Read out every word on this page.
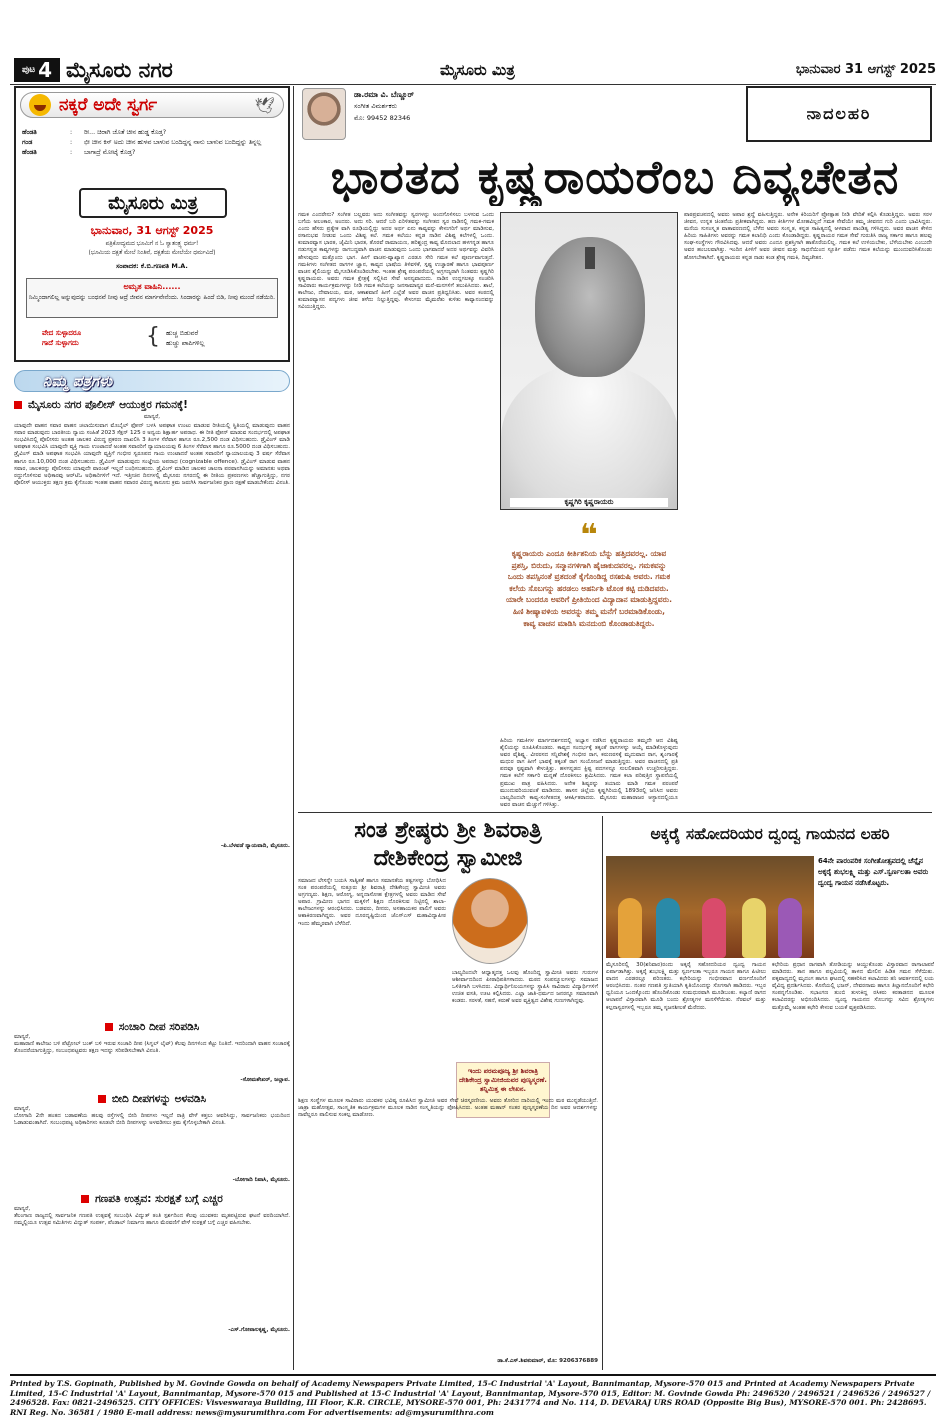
ಪುಟ 4 ಮೈಸೂರು ನಗರ	ಮೈಸೂರು ಮಿತ್ರ	ಭಾನುವಾರ 31 ಆಗಸ್ಟ್ 2025
ನಕ್ಕರೆ ಅದೇ ಸ್ವರ್ಗ	🕊
ಹೆಂಡತಿ	:	ರೀ... ಚಿರಾಗಿ ಜೊತೆ ಚೀನ ಹುಡ್ಡ ಕೊಡ್ತ?
ಗಂಡ	:	ಛೀ ಚೀನ ಕಿಸ್ ಅದು ಚೀನ ಹುಳವ ಬಾಳುವ ಬಂದಿದ್ದನ್ನ ನಾನು ಬಾಳುವ ಬಂದಿದ್ದನ್ನು ತಿನ್ನಲ್ಲ
ಹೆಂಡತಿ	:	ಬಾಗಾದ್ರೆ ಮೋಟೈ ಕೊಡ್ತ?
ಮೈಸೂರು ಮಿತ್ರ
ಭಾನುವಾರ, 31 ಆಗಸ್ಟ್ 2025
ಪತ್ರಿಕೋದ್ಯಮದ ಭೂಮಿಗೆ ನ ಓ ಸ್ವಾತಂತ್ರ್ಯ ಧರ್ಮ!
(ಭೂಮಿಯ ದಕ್ಷತೆ ಮೇಲೆ ನಿಂತಿವೆ, ದಕ್ಷತೆಯ ಮೇಲೆಯೇ ಧರ್ಮವಿದೆ)
ಸಂಪಾದಕ: ಕೆ.ಬಿ.ಗಣಪತಿ M.A.
ಅಮೃತ ವಾಹಿನಿ......
ನಿಮ್ಮಿಂದಾಗಲಿಲ್ಲ ಅನ್ನುವುದನ್ನು ಬಂಧನವೆ ನೀವು ಆದ್ರೆ ಜೀವನ ಮಾರ್ಗವೇನೆಂದು. ಸಿಂದಾರನ್ನು ಹಿಂದೆ ಬಿಡಿ, ನೀವು ಮುಂದೆ ನಡೆಯಿರಿ.
ವೇದ ಸುಳ್ಳಾದರೂ
ಗಾದೆ ಸುಳ್ಳಾಗದು	{ ಹುಚ್ಚ ಬಿಡುವರೆ
ಹುಚ್ಚು ಪಾಪಿಗಳಿಲ್ಲ
ನಿಮ್ಮ ಪತ್ರಗಳು
ಮೈಸೂರು ನಗರ ಪೊಲೀಸ್ ಆಯುಕ್ತರ ಗಮನಕ್ಕೆ!
ಮಾನ್ಯರೆ,
ಯಾವುದೇ ವಾಹನ ಸವಾರ ವಾಹನ ಚಲಾಯಿಸುವಾಗ ಮೊಬೈಲ್ ಫೋನ್ ಬಳಸಿ ಅಪಘಾತ ಉಂಟು ಮಾಡುವ ರೀತಿಯಲ್ಲಿ ಸ್ಥಿತಿಯಲ್ಲಿ ಮಾಡುವುದು ವಾಹನ ಸವಾರ ಮಾಡುವುದು ಬಾರತೀಯ ನ್ಯಾಯ ಸಂಹಿತೆ 2023 ಸೆಕ್ಷನ್ 125 ರ ಅನ್ವಯ ಶಿಕ್ಷಾರ್ಹ ಅಪರಾಧ. ಈ ರೀತಿ ಫೋನ್ ಮಾಡುವ ಸಂದರ್ಭದಲ್ಲಿ ಅಪಘಾತ ಸಂಭವಿಸಿದಲ್ಲಿ ಪೊಲೀಸರು ಅಂತಹ ಚಾಲಕರ ವಿರುದ್ಧ ಪ್ರಕರಣ ದಾಖಲಿಸಿ 3 ತಿಂಗಳ ಸೆರೆವಾಸ ಹಾಗೂ ರೂ.2,500 ದಂಡ ವಿಧಿಸಬಹುದು. ಡ್ರೈವಿಂಗ್ ಮಾಡಿ ಅಪಘಾತ ಸಂಭವಿಸಿ ಯಾವುದೇ ವ್ಯಕ್ತಿ ಗಾಯ ಉಂಟಾದರೆ ಅಂತಹ ಸವಾರರಿಗೆ ನ್ಯಾಯಾಲಯವು 6 ತಿಂಗಳ ಸೆರೆವಾಸ ಹಾಗೂ ರೂ.5000 ದಂಡ ವಿಧಿಸಬಹುದು. ಡ್ರೈವಿಂಗ್ ಮಾಡಿ ಅಪಘಾತ ಸಂಭವಿಸಿ ಯಾವುದೇ ವ್ಯಕ್ತಿಗೆ ಗಂಭೀರ ಸ್ವರೂಪದ ಗಾಯ ಉಂಟಾದರೆ ಅಂತಹ ಸವಾರರಿಗೆ ನ್ಯಾಯಾಲಯವು 3 ವರ್ಷ ಸೆರೆವಾಸ ಹಾಗೂ ರೂ.10,000 ದಂಡ ವಿಧಿಸಬಹುದು. ಡ್ರೈವಿಂಗ್ ಮಾಡುವುದು ಸಂಜ್ಞೇಯ ಅಪರಾಧ (cognizable offence). ಡ್ರೈವಿಂಗ್ ಮಾಡುವ ವಾಹನ ಸವಾರ, ಚಾಲಕರನ್ನು ಪೊಲೀಸರು ಯಾವುದೇ ವಾರಂಟ್ ಇಲ್ಲದೆ ಬಂಧಿಸಬಹುದು. ಡ್ರೈವಿಂಗ್ ಮಾಡಿದ ಚಾಲಕರ ಚಾಲನಾ ಪರವಾನಗಿಯನ್ನು ಅಮಾನತು ಅಥವಾ ರದ್ದುಗೊಳಿಸುವ ಅಧಿಕಾರವು ಆರ್‌ಟಿಓ ಅಧಿಕಾರಿಗಳಿಗೆ ಇದೆ. ಇತ್ತೀಚಿನ ದಿನಗಳಲ್ಲಿ ಮೈಸೂರು ನಗರದಲ್ಲಿ ಈ ರೀತಿಯ ಪ್ರಕರಣಗಳು ಹೆಚ್ಚಾಗುತ್ತಿದ್ದು, ನಗರ ಪೊಲೀಸ್ ಆಯುಕ್ತರು ತಕ್ಷಣ ಕ್ರಮ ಕೈಗೊಂಡು ಇಂತಹ ವಾಹನ ಸವಾರರ ವಿರುದ್ಧ ಕಾನೂನು ಕ್ರಮ ಜರುಗಿಸಿ ಸಾರ್ವಜನಿಕರ ಪ್ರಾಣ ರಕ್ಷಣೆ ಮಾಡಬೇಕೆಂದು ವಿನಂತಿ.
-ಪಿ.ಬೆಳವಡೆ ನ್ಯಾಯವಾದಿ, ಮೈಸೂರು.
ಸಂಚಾರಿ ದೀಪ ಸರಿಪಡಿಸಿ
ಮಾನ್ಯರೆ,
ಮಹಾರಾಣಿ ಕಾಲೇಜು ಬಳಿ ಪೆಟ್ರೋಲ್ ಬಂಕ್ ಬಳಿ ಇರುವ ಸಂಚಾರಿ ದೀಪ (ಸಿಗ್ನಲ್ ಲೈಟ್) ಕೆಲವು ದಿನಗಳಿಂದ ಕೆಟ್ಟು ನಿಂತಿದೆ. ಇದರಿಂದಾಗಿ ವಾಹನ ಸಂಚಾರಕ್ಕೆ ತೊಂದರೆಯಾಗುತ್ತಿದ್ದು, ಸಂಬಂಧಪಟ್ಟವರು ತಕ್ಷಣ ಇದನ್ನು ಸರಿಪಡಿಸಬೇಕಾಗಿ ವಿನಂತಿ.
-ಸೋಮಶೇಖರ್, ಜಲ್ಲಾಪ.
ಬೀದಿ ದೀಪಗಳನ್ನು ಅಳವಡಿಸಿ
ಮಾನ್ಯರೆ,
ಬೋಗಾದಿ 2ನೇ ಹಂತದ ಬಡಾವಣೆಯ ಹಲವು ರಸ್ತೆಗಳಲ್ಲಿ ಬೀದಿ ದೀಪಗಳು ಇಲ್ಲದೆ ರಾತ್ರಿ ವೇಳೆ ಕತ್ತಲು ಆವರಿಸಿದ್ದು, ಸಾರ್ವಜನಿಕರು ಭಯದಿಂದ ಓಡಾಡುವಂತಾಗಿದೆ. ಸಂಬಂಧಪಟ್ಟ ಅಧಿಕಾರಿಗಳು ಕೂಡಲೇ ಬೀದಿ ದೀಪಗಳನ್ನು ಅಳವಡಿಸಲು ಕ್ರಮ ಕೈಗೊಳ್ಳಬೇಕಾಗಿ ವಿನಂತಿ.
-ಬೋಗಾದಿ ನಿವಾಸಿ, ಮೈಸೂರು.
ಗಣಪತಿ ಉತ್ಸವ: ಸುರಕ್ಷತೆ ಬಗ್ಗೆ ಎಚ್ಚರ
ಮಾನ್ಯರೆ,
ತೆಲಂಗಾಣ ರಾಜ್ಯದಲ್ಲಿ ಸಾರ್ವಜನಿಕ ಗಣಪತಿ ಉತ್ಸವಕ್ಕೆ ಸಂಬಂಧಿಸಿ ವಿದ್ಯುತ್ ತಂತಿ ಸ್ಪರ್ಶದಿಂದ ಕೆಲವು ಯುವಕರು ಮೃತಪಟ್ಟಿರುವ ಘಟನೆ ವರದಿಯಾಗಿದೆ. ನಮ್ಮಲ್ಲಿಯೂ ಉತ್ಸವ ಸಮಿತಿಗಳು ವಿದ್ಯುತ್ ಸಂಪರ್ಕ, ಪೆಂಡಾಲ್ ನಿರ್ಮಾಣ ಹಾಗೂ ಮೆರವಣಿಗೆ ವೇಳೆ ಸುರಕ್ಷತೆ ಬಗ್ಗೆ ಎಚ್ಚರ ವಹಿಸಬೇಕು.
-ಎಸ್.ಗೋಪಾಲಕೃಷ್ಣ, ಮೈಸೂರು.
ಡಾ.ರಮಾ ವಿ. ಬೆಣ್ಣೂರ್
ಸಂಗೀತ ವಿಮರ್ಶಕರು
ಮೊ: 99452 82346	ನಾದಲಹರಿ
ಭಾರತದ ಕೃಷ್ಣರಾಯರೆಂಬ ದಿವ್ಯಚೇತನ
ಗಮಕ ಎಂದರೇನು? ಸಂಗೀತ ಬಲ್ಲವರು ಅದು ಸಂಗೀತವನ್ನು ಸ್ವರಗಳನ್ನು ಅಂದಗೊಳಿಸಲು ಬಳಸುವ ಒಂದು ಬಗೆಯ ಅಲಂಕಾರ, ಅಂದರು. ಅದು ಸರಿ. ಆದರೆ ಬರಿ ಏರಿಳಿತವನ್ನು ಸಂಗೀತದ ಸ್ವರ ನಾಡಿನಲ್ಲಿ ಗಮಕ-ಗಮಕ ಎಂದು ಹೆಸರು ಪ್ರತ್ಯೇಕ ವಾಗಿ ರೂಢಿಯಲ್ಲಿದ್ದು ಅದರ ಅರ್ಥ ಏನು ಕಾವ್ಯವನ್ನು ಕೇಳುಗರಿಗೆ ಅರ್ಥ ಮಾಡಿಸುವ, ರಸಾನುಭವ ನೀಡುವ ಒಂದು ವಿಶಿಷ್ಟ ಕಲೆ. ಗಮಕ ಕಲೆಯು ಕನ್ನಡ ನಾಡಿನ ವಿಶಿಷ್ಟ ಕಲೆಗಳಲ್ಲಿ ಒಂದು. ಕುಮಾರವ್ಯಾಸ ಭಾರತ, ಜೈಮಿನಿ ಭಾರತ, ತೊರವೆ ರಾಮಾಯಣ, ಹರಿಶ್ಚಂದ್ರ ಕಾವ್ಯ ಮೊದಲಾದ ಹಳಗನ್ನಡ ಹಾಗೂ ನಡುಗನ್ನಡ ಕಾವ್ಯಗಳನ್ನು ರಾಗಬದ್ಧವಾಗಿ ವಾಚನ ಮಾಡುವುದು ಒಂದು ಭಾಗವಾದರೆ ಅದರ ಅರ್ಥವನ್ನು ವಿವರಿಸಿ ಹೇಳುವುದು ಮತ್ತೊಂದು ಭಾಗ. ಹೀಗೆ ವಾಚನ-ವ್ಯಾಖ್ಯಾನ ಎರಡೂ ಸೇರಿ ಗಮಕ ಕಲೆ ಪೂರ್ಣವಾಗುತ್ತದೆ. ಗಮಕಿಗಳು ಸಂಗೀತದ ರಾಗಗಳ ಜ್ಞಾನ, ಕಾವ್ಯದ ಭಾಷೆಯ ತಿಳಿವಳಿಕೆ, ಸ್ಪಷ್ಟ ಉಚ್ಚಾರಣೆ ಹಾಗೂ ಭಾವಪೂರ್ಣ ವಾಚನ ಶೈಲಿಯನ್ನು ಮೈಗೂಡಿಸಿಕೊಂಡಿರಬೇಕು. ಇಂತಹ ಶ್ರೇಷ್ಠ ಪರಂಪರೆಯಲ್ಲಿ ಅಗ್ರಗಣ್ಯರಾಗಿ ನಿಂತವರು ಕೃಷ್ಣಗಿರಿ ಕೃಷ್ಣರಾಯರು. ಅವರು ಗಮಕ ಕ್ಷೇತ್ರಕ್ಕೆ ಸಲ್ಲಿಸಿದ ಸೇವೆ ಅನನ್ಯವಾದುದು. ನಾಡಿನ ಉದ್ದಗಲಕ್ಕೂ ಸಂಚರಿಸಿ ಸಾವಿರಾರು ಕಾರ್ಯಕ್ರಮಗಳನ್ನು ನೀಡಿ ಗಮಕ ಕಲೆಯನ್ನು ಜನಸಾಮಾನ್ಯರ ಮನೆ-ಮನಗಳಿಗೆ ತಲುಪಿಸಿದರು. ಶಾಲೆ, ಕಾಲೇಜು, ದೇವಾಲಯ, ಮಠ, ಆಕಾಶವಾಣಿ ಹೀಗೆ ಎಲ್ಲೆಡೆ ಅವರ ವಾಚನ ಪ್ರತಿಧ್ವನಿಸಿತು. ಅವರ ಕಂಠದಲ್ಲಿ ಕುಮಾರವ್ಯಾಸನ ಪದ್ಯಗಳು ಜೀವ ತಳೆದು ನಿಲ್ಲುತ್ತಿದ್ದವು. ಕೇಳುಗರು ಮೈಮರೆತು ಕುಳಿತು ಕಾವ್ಯಾನಂದವನ್ನು ಸವಿಯುತ್ತಿದ್ದರು.
ಕೃಷ್ಣಗಿರಿ ಕೃಷ್ಣರಾಯರು
❝
ಕೃಷ್ಣರಾಯರು ಎಂದೂ ಕೀರ್ತಿಶನಿಯ ಬೆನ್ನು ಹತ್ತಿದವರಲ್ಲ. ಯಾವ ಪ್ರಶಸ್ತಿ, ಬಿರುದು, ಸನ್ಮಾನಗಳಿಗಾಗಿ ಹೈಜಾಕುದವರಲ್ಲ. ಗಮಕವನ್ನು ಒಂದು ತಪಸ್ಸಿನಂತೆ ವ್ರತದಂತೆ ಕೈಗೊಂಡಿದ್ದ ರಸಋಷಿ ಅವರು. ಗಮಕ ಕಲೆಯ ಸೊಬಗನ್ನು ಹರಡಲು ಅಹರ್ನಿಶಿ ಟೊಂಕ ಕಟ್ಟಿ ದುಡಿದವರು. ಯಾರೇ ಬಂದರೂ ಅವರಿಗೆ ಪ್ರೀತಿಯಿಂದ ವಿದ್ಯಾದಾನ ಮಾಡುತ್ತಿದ್ದವರು. ಹಿಣಿ ಶೀಷ್ಯಾವಳಿಯ ಅವರನ್ನು ತಮ್ಮ ಮನೆಗೆ ಬರಮಾಡಿಕೊಂಡು, ಕಾವ್ಯ ವಾಚನ ಮಾಡಿಸಿ ಮನದುಂಬಿ ಕೊಂಡಾಡುತಿದ್ದರು.
ಹಿರಿಯ ಗಮಕಿಗಳ ಮಾರ್ಗದರ್ಶನದಲ್ಲಿ ಅಭ್ಯಾಸ ನಡೆಸಿದ ಕೃಷ್ಣರಾಯರು ತಮ್ಮದೇ ಆದ ವಿಶಿಷ್ಟ ಶೈಲಿಯನ್ನು ರೂಪಿಸಿಕೊಂಡರು. ಕಾವ್ಯದ ಸಂದರ್ಭಕ್ಕೆ ತಕ್ಕಂತೆ ರಾಗಗಳನ್ನು ಆಯ್ಕೆ ಮಾಡಿಕೊಳ್ಳುವುದು ಅವರ ವೈಶಿಷ್ಟ್ಯ. ವೀರರಸದ ಸನ್ನಿವೇಶಕ್ಕೆ ಗಂಭೀರ ರಾಗ, ಕರುಣರಸಕ್ಕೆ ಮೃದುವಾದ ರಾಗ, ಶೃಂಗಾರಕ್ಕೆ ಮಧುರ ರಾಗ ಹೀಗೆ ಭಾವಕ್ಕೆ ತಕ್ಕಂತೆ ರಾಗ ಸಂಯೋಜನೆ ಮಾಡುತ್ತಿದ್ದರು. ಅವರ ವಾಚನದಲ್ಲಿ ಪ್ರತಿ ಪದವೂ ಸ್ಪಷ್ಟವಾಗಿ ಕೇಳುತ್ತಿತ್ತು. ಹಳಗನ್ನಡದ ಕ್ಲಿಷ್ಟ ಪದಗಳನ್ನೂ ಸುಲಲಿತವಾಗಿ ಉಚ್ಚರಿಸುತ್ತಿದ್ದರು. ಗಮಕ ಕಲೆಗೆ ಸರ್ಕಾರಿ ಮನ್ನಣೆ ದೊರಕಿಸಲು ಶ್ರಮಿಸಿದರು. ಗಮಕ ಕಲಾ ಪರಿಷತ್ತಿನ ಸ್ಥಾಪನೆಯಲ್ಲಿ ಪ್ರಮುಖ ಪಾತ್ರ ವಹಿಸಿದರು. ಅನೇಕ ಶಿಷ್ಯರನ್ನು ತಯಾರು ಮಾಡಿ ಗಮಕ ಪರಂಪರೆ ಮುಂದುವರಿಯುವಂತೆ ಮಾಡಿದರು. ಹಾಸನ ಜಿಲ್ಲೆಯ ಕೃಷ್ಣಗಿರಿಯಲ್ಲಿ 1893ರಲ್ಲಿ ಜನಿಸಿದ ಅವರು ಬಾಲ್ಯದಿಂದಲೇ ಕಾವ್ಯ-ಸಂಗೀತದತ್ತ ಆಕರ್ಷಿತರಾದರು. ಮೈಸೂರು ಮಹಾರಾಜರ ಆಸ್ಥಾನದಲ್ಲಿಯೂ ಅವರ ವಾಚನ ಮೆಚ್ಚುಗೆ ಗಳಿಸಿತ್ತು.
ಪಾಠಪ್ರವಚನದಲ್ಲಿ ಅವರು ಅಪಾರ ಶ್ರದ್ಧೆ ವಹಿಸುತ್ತಿದ್ದರು. ಅನೇಕ ಕಿರಿಯರಿಗೆ ಪ್ರೋತ್ಸಾಹ ನೀಡಿ ವೇದಿಕೆ ಕಲ್ಪಿಸಿ ಕೊಡುತ್ತಿದ್ದರು. ಅವರು ಸರಳ ಜೀವನ, ಉನ್ನತ ಚಿಂತನೆಯ ಪ್ರತೀಕವಾಗಿದ್ದರು. ಹಣ ಕೀರ್ತಿಗಳ ಮೋಹವಿಲ್ಲದೆ ಗಮಕ ಸೇವೆಯೇ ತಮ್ಮ ಜೀವನದ ಗುರಿ ಎಂದು ಭಾವಿಸಿದ್ದರು. ಮನೆಯ ಸುಸಂಸ್ಕೃತ ವಾತಾವರಣದಲ್ಲಿ ಬೆಳೆದ ಅವರು ಸಂಸ್ಕೃತ, ಕನ್ನಡ ಸಾಹಿತ್ಯದಲ್ಲಿ ಆಳವಾದ ಪಾಂಡಿತ್ಯ ಗಳಿಸಿದ್ದರು. ಅವರ ವಾಚನ ಕೇಳಿದ ಹಿರಿಯ ಸಾಹಿತಿಗಳು ಅವರನ್ನು ಗಮಕ ಕಲಾನಿಧಿ ಎಂದು ಕೊಂಡಾಡಿದ್ದರು. ಕೃಷ್ಣರಾಯರ ಗಮಕ ಸೇವೆ ಗುರುತಿಸಿ ರಾಜ್ಯ ಸರ್ಕಾರ ಹಾಗೂ ಹಲವು ಸಂಘ-ಸಂಸ್ಥೆಗಳು ಗೌರವಿಸಿದವು. ಆದರೆ ಅವರು ಎಂದೂ ಪ್ರಶಸ್ತಿಗಾಗಿ ಹಾತೊರೆಯಲಿಲ್ಲ. ಗಮಕ ಕಲೆ ಉಳಿಯಬೇಕು, ಬೆಳೆಯಬೇಕು ಎಂಬುದೇ ಅವರ ಹಂಬಲವಾಗಿತ್ತು. ಇಂದಿನ ಪೀಳಿಗೆ ಅವರ ಜೀವನ ಮತ್ತು ಸಾಧನೆಯಿಂದ ಸ್ಫೂರ್ತಿ ಪಡೆದು ಗಮಕ ಕಲೆಯನ್ನು ಮುಂದುವರಿಸಿಕೊಂಡು ಹೋಗಬೇಕಾಗಿದೆ. ಕೃಷ್ಣರಾಯರು ಕನ್ನಡ ನಾಡು ಕಂಡ ಶ್ರೇಷ್ಠ ಗಮಕಿ, ದಿವ್ಯಚೇತನ.
ಸಂತ ಶ್ರೇಷ್ಠರು ಶ್ರೀ ಶಿವರಾತ್ರಿ
ದೇಶಿಕೇಂದ್ರ ಸ್ವಾಮೀಜಿ
ಸಮಾಜದ ಲೇಸನ್ನೇ ಬಯಸಿ ಸಾತ್ವಿಕತೆ ಹಾಗೂ ಸಮಾನತೆಯ ತತ್ವಗಳನ್ನು ಬೋಧಿಸಿದ ಸಂತ ಪರಂಪರೆಯಲ್ಲಿ ಸುತ್ತೂರು ಶ್ರೀ ಶಿವರಾತ್ರಿ ದೇಶಿಕೇಂದ್ರ ಸ್ವಾಮೀಜಿ ಅವರು ಅಗ್ರಗಣ್ಯರು. ಶಿಕ್ಷಣ, ಆರೋಗ್ಯ, ಅನ್ನದಾಸೋಹ ಕ್ಷೇತ್ರಗಳಲ್ಲಿ ಅವರು ಮಾಡಿದ ಸೇವೆ ಅಪಾರ. ಗ್ರಾಮೀಣ ಭಾಗದ ಮಕ್ಕಳಿಗೆ ಶಿಕ್ಷಣ ದೊರಕಿಸುವ ನಿಟ್ಟಿನಲ್ಲಿ ಶಾಲಾ-ಕಾಲೇಜುಗಳನ್ನು ಆರಂಭಿಸಿದರು. ಬಡವರು, ದೀನರು, ಅಸಹಾಯಕರ ಪಾಲಿಗೆ ಅವರು ಆಶಾಕಿರಣವಾಗಿದ್ದರು. ಅವರ ದೂರದೃಷ್ಟಿಯಿಂದ ಜೆಎಸ್ಎಸ್ ಮಹಾವಿದ್ಯಾಪೀಠ ಇಂದು ಹೆಮ್ಮರವಾಗಿ ಬೆಳೆದಿದೆ.
ಬಾಲ್ಯದಿಂದಲೇ ಆಧ್ಯಾತ್ಮದತ್ತ ಒಲವು ಹೊಂದಿದ್ದ ಸ್ವಾಮೀಜಿ ಅವರು ಗುರುಗಳ ಆಶೀರ್ವಾದದಿಂದ ಪೀಠಾಧಿಪತಿಗಳಾದರು. ಮಠದ ಸಂಪನ್ಮೂಲಗಳನ್ನು ಸಮಾಜದ ಒಳಿತಿಗಾಗಿ ಬಳಸಿದರು. ವಿದ್ಯಾರ್ಥಿನಿಲಯಗಳನ್ನು ಸ್ಥಾಪಿಸಿ ಸಾವಿರಾರು ವಿದ್ಯಾರ್ಥಿಗಳಿಗೆ ಉಚಿತ ವಸತಿ, ಊಟ ಕಲ್ಪಿಸಿದರು. ಎಲ್ಲಾ ಜಾತಿ-ಧರ್ಮದ ಜನರನ್ನೂ ಸಮಾನವಾಗಿ ಕಂಡರು. ಸರಳತೆ, ಸಹನೆ, ಕರುಣೆ ಅವರ ವ್ಯಕ್ತಿತ್ವದ ವಿಶೇಷ ಗುಣಗಳಾಗಿದ್ದವು.
ಇಂದು ಪರಮಪೂಜ್ಯ ಶ್ರೀ ಶಿವರಾತ್ರಿ ದೇಶಿಕೇಂದ್ರ ಸ್ವಾಮೀಜಿಯವರ ಪುಣ್ಯಸ್ಮರಣೆ. ತನ್ನಿಮಿತ್ತ ಈ ಲೇಖನ.
ಶಿಕ್ಷಣ ಸಂಸ್ಥೆಗಳ ಮೂಲಕ ಸಾವಿರಾರು ಯುವಕರ ಭವಿಷ್ಯ ರೂಪಿಸಿದ ಸ್ವಾಮೀಜಿ ಅವರ ಸೇವೆ ಚಿರಸ್ಮರಣೀಯ. ಅವರು ತೋರಿದ ದಾರಿಯಲ್ಲಿ ಇಂದು ಮಠ ಮುನ್ನಡೆಯುತ್ತಿದೆ. ಜಾತ್ರಾ ಮಹೋತ್ಸವ, ಸಾಂಸ್ಕೃತಿಕ ಕಾರ್ಯಕ್ರಮಗಳ ಮೂಲಕ ನಾಡಿನ ಸಂಸ್ಕೃತಿಯನ್ನು ಪೋಷಿಸಿದರು. ಅಂತಹ ಮಹಾನ್ ಸಂತರ ಪುಣ್ಯಸ್ಮರಣೆಯ ದಿನ ಅವರ ಆದರ್ಶಗಳನ್ನು ನಾವೆಲ್ಲರೂ ಪಾಲಿಸುವ ಸಂಕಲ್ಪ ಮಾಡೋಣ.
ಡಾ.ಕೆ.ಎಸ್.ಶಿವಕುಮಾರ್, ಮೊ: 9206376889
ಅಕ್ಕರೈ ಸಹೋದರಿಯರ ದ್ವಂದ್ವ ಗಾಯನದ ಲಹರಿ
64ನೇ ಪಾರಂಪರಿಕ ಸಂಗೀತೋತ್ಸವದಲ್ಲಿ ಚೆನ್ನೈನ ಅಕ್ಕರೈ ಶುಭಲಕ್ಷ್ಮಿ ಮತ್ತು ಎಸ್.ಸ್ವರ್ಣಲತಾ ಅವರು ದ್ವಂದ್ವ ಗಾಯನ ನಡೆಸಿಕೊಟ್ಟರು.
ಮೈಸೂರಿನಲ್ಲಿ 30(ಶನಿವಾರ)ರಂದು ಅಕ್ಕರೈ ಸಹೋದರಿಯರ ದ್ವಂದ್ವ ಗಾಯನ ಏರ್ಪಾಡಾಗಿತ್ತು. ಅಕ್ಕರೈ ಶುಭಲಕ್ಷ್ಮಿ ಮತ್ತು ಸ್ವರ್ಣಲತಾ ಇಬ್ಬರೂ ಗಾಯನ ಹಾಗೂ ಪಿಟೀಲು ವಾದನ ಎರಡರಲ್ಲೂ ಪರಿಣತರು. ಕಛೇರಿಯನ್ನು ಗಂಭೀರವಾದ ವರ್ಣದೊಂದಿಗೆ ಆರಂಭಿಸಿದರು. ನಂತರ ಗಣಪತಿ ಸ್ತುತಿಯಾಗಿ ಕೃತಿಯೊಂದನ್ನು ಸೊಗಸಾಗಿ ಹಾಡಿದರು. ಇಬ್ಬರ ಧ್ವನಿಯೂ ಒಂದಕ್ಕೊಂದು ಹೊಂದಿಕೊಂಡು ಸುಮಧುರವಾಗಿ ಮೂಡಿಬಂತು. ಕಲ್ಯಾಣಿ ರಾಗದ ಆಲಾಪನೆ ವಿಸ್ತಾರವಾಗಿ ಮೂಡಿ ಬಂದು ಶ್ರೋತೃಗಳ ಮನಸೆಳೆಯಿತು. ನೆರವಲ್ ಮತ್ತು ಕಲ್ಪನಾಸ್ವರಗಳಲ್ಲಿ ಇಬ್ಬರೂ ತಮ್ಮ ಸೃಜನಶೀಲತೆ ಮೆರೆದರು.
ಕಛೇರಿಯ ಪ್ರಧಾನ ರಾಗವಾಗಿ ತೋಡಿಯನ್ನು ಆಯ್ದುಕೊಂಡು ವಿಸ್ತಾರವಾದ ರಾಗಾಲಾಪನೆ ಮಾಡಿದರು. ತಾನ ಹಾಗೂ ಪಲ್ಲವಿಯಲ್ಲಿ ತಾಳದ ಮೇಲಿನ ಹಿಡಿತ ಗಮನ ಸೆಳೆಯಿತು. ಪಕ್ಕವಾದ್ಯದಲ್ಲಿ ಮೃದಂಗ ಹಾಗೂ ಘಟದಲ್ಲಿ ಸಹಕರಿಸಿದ ಕಲಾವಿದರು ತನಿ ಆವರ್ತನದಲ್ಲಿ ಲಯ ವೈವಿಧ್ಯ ಪ್ರದರ್ಶಿಸಿದರು. ಕೊನೆಯಲ್ಲಿ ಭಜನ್, ದೇವರನಾಮ ಹಾಗೂ ತಿಲ್ಲಾನದೊಂದಿಗೆ ಕಛೇರಿ ಸಂಪನ್ನಗೊಂಡಿತು. ಸಭಾಂಗಣ ತುಂಬಿ ತುಳುಕಿದ್ದ ರಸಿಕರು ಕರತಾಡನದ ಮೂಲಕ ಕಲಾವಿದರನ್ನು ಅಭಿನಂದಿಸಿದರು. ದ್ವಂದ್ವ ಗಾಯನದ ಸೊಬಗನ್ನು ಸವಿದ ಶ್ರೋತೃಗಳು ಮತ್ತೊಮ್ಮೆ ಅಂತಹ ಕಛೇರಿ ಕೇಳುವ ಬಯಕೆ ವ್ಯಕ್ತಪಡಿಸಿದರು.
Printed by T.S. Gopinath, Published by M. Govinde Gowda on behalf of Academy Newspapers Private Limited, 15-C Industrial 'A' Layout, Bannimantap, Mysore-570 015 and Printed at Academy Newspapers Private Limited, 15-C Industrial 'A' Layout, Bannimantap, Mysore-570 015 and Published at 15-C Industrial 'A' Layout, Bannimantap, Mysore-570 015, Editor: M. Govinde Gowda Ph: 2496520 / 2496521 / 2496526 / 2496527 / 2496528. Fax: 0821-2496525. CITY OFFICES: Visveswaraya Building, III Floor, K.R. CIRCLE, MYSORE-570 001, Ph: 2431774 and No. 114, D. DEVARAJ URS ROAD (Opposite Big Bus), MYSORE-570 001. Ph: 2428695. RNI Reg. No. 36581 / 1980 E-mail address: news@mysurumithra.com For advertisements: ad@mysurumithra.com
